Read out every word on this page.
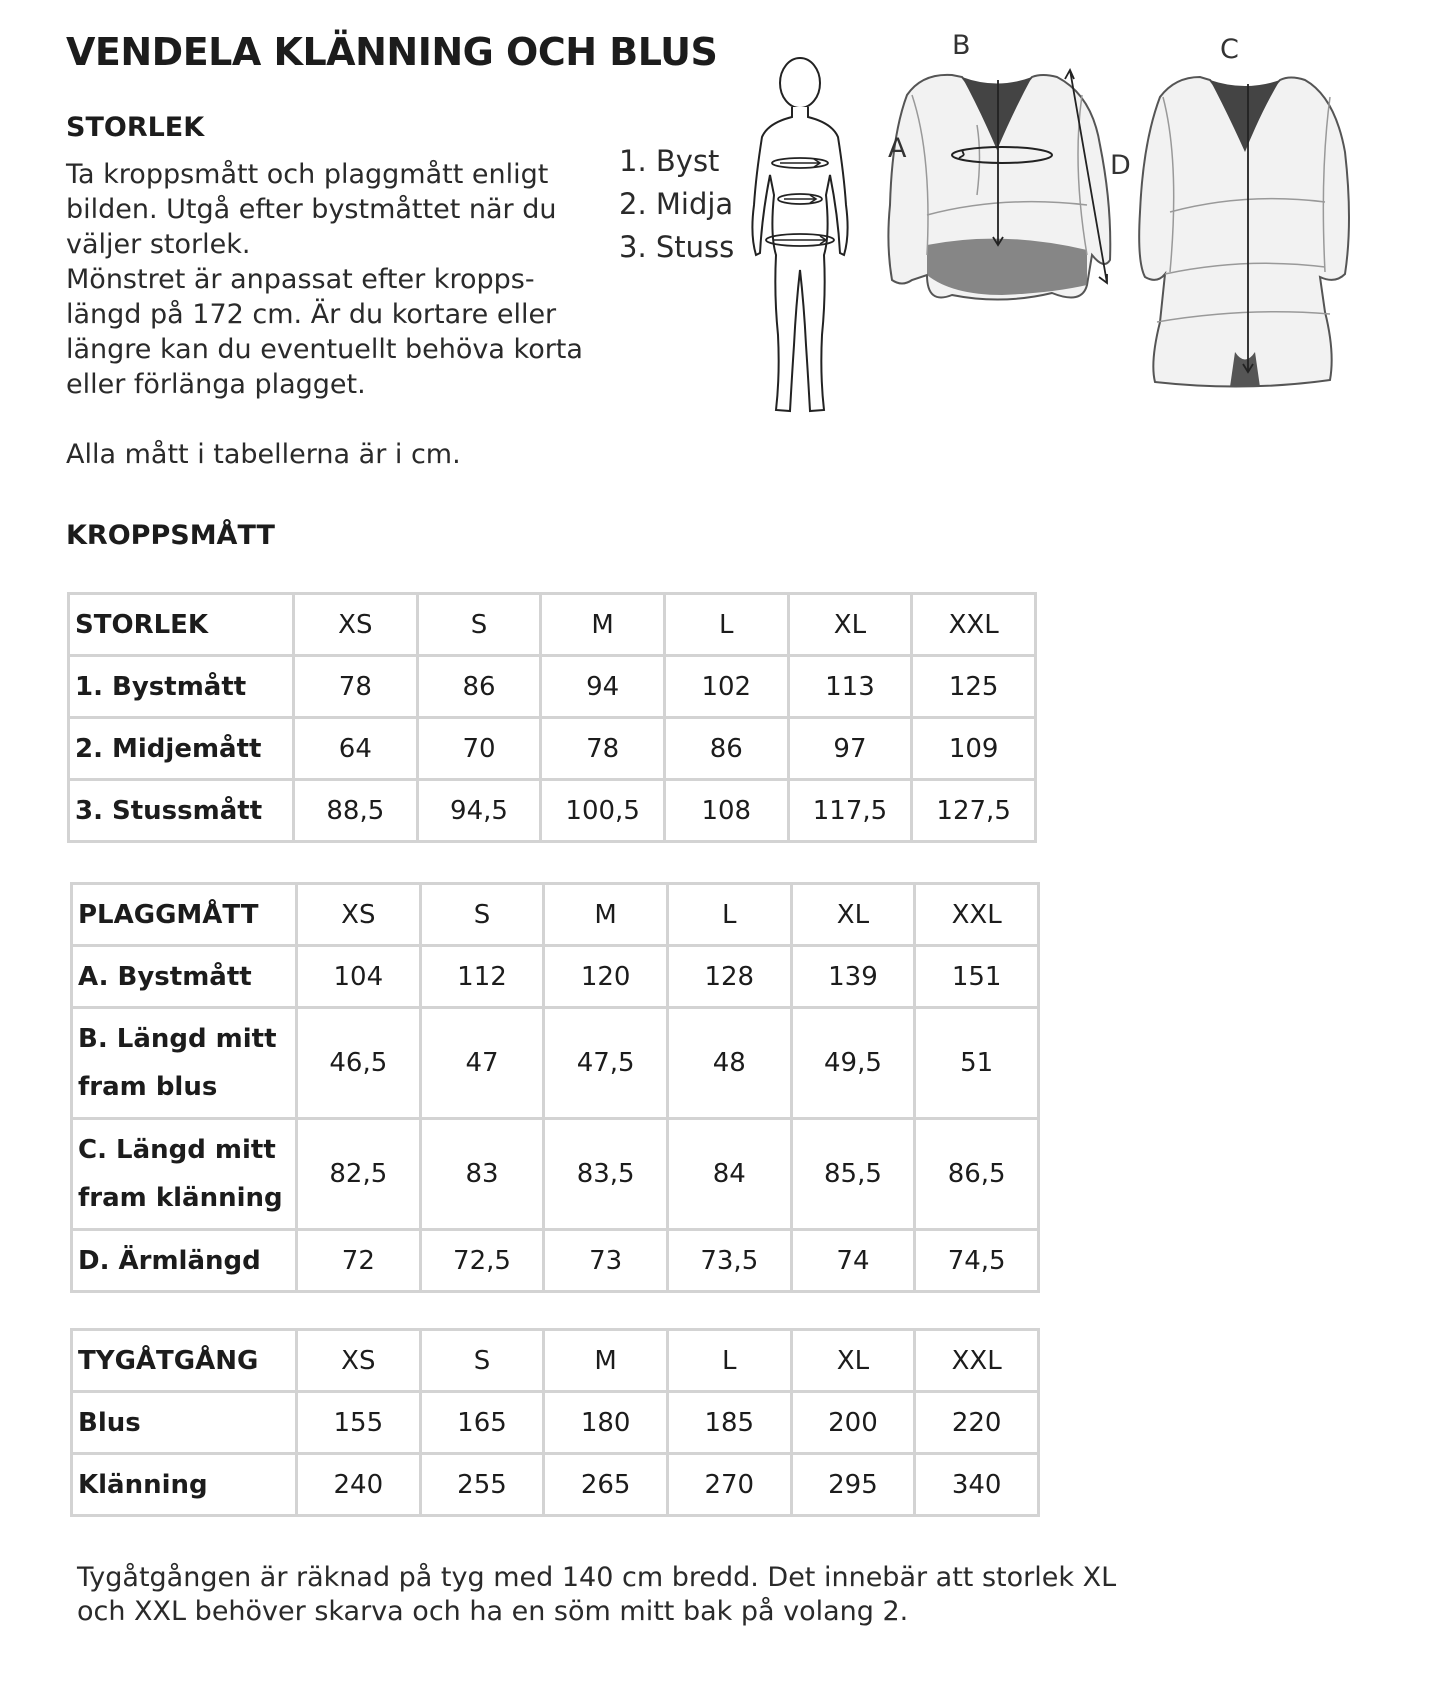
VENDELA KLÄNNING OCH BLUS
STORLEK

Ta kroppsmått och plaggmått enligt bilden. Utgå efter bystmåttet när du väljer storlek.

Mönstret är anpassat efter kropps-längd på 172 cm. Är du kortare eller längre kan du eventuellt behöva korta eller förlänga plagget.

Alla mått i tabellerna är i cm.

1. Byst
2. Midja
3. Stuss
B
A
D
C
KROPPSMÅTT
STORLEK	XS	S	M	L	XL	XXL
1. Bystmått	78	86	94	102	113	125
2. Midjemått	64	70	78	86	97	109
3. Stussmått	88,5	94,5	100,5	108	117,5	127,5
PLAGGMÅTT	XS	S	M	L	XL	XXL
A. Bystmått	104	112	120	128	139	151
B. Längd mitt fram blus	46,5	47	47,5	48	49,5	51
C. Längd mitt fram klänning	82,5	83	83,5	84	85,5	86,5
D. Ärmlängd	72	72,5	73	73,5	74	74,5
TYGÅTGÅNG	XS	S	M	L	XL	XXL
Blus	155	165	180	185	200	220
Klänning	240	255	265	270	295	340

Tygåtgången är räknad på tyg med 140 cm bredd. Det innebär att storlek XL och XXL behöver skarva och ha en söm mitt bak på volang 2.
